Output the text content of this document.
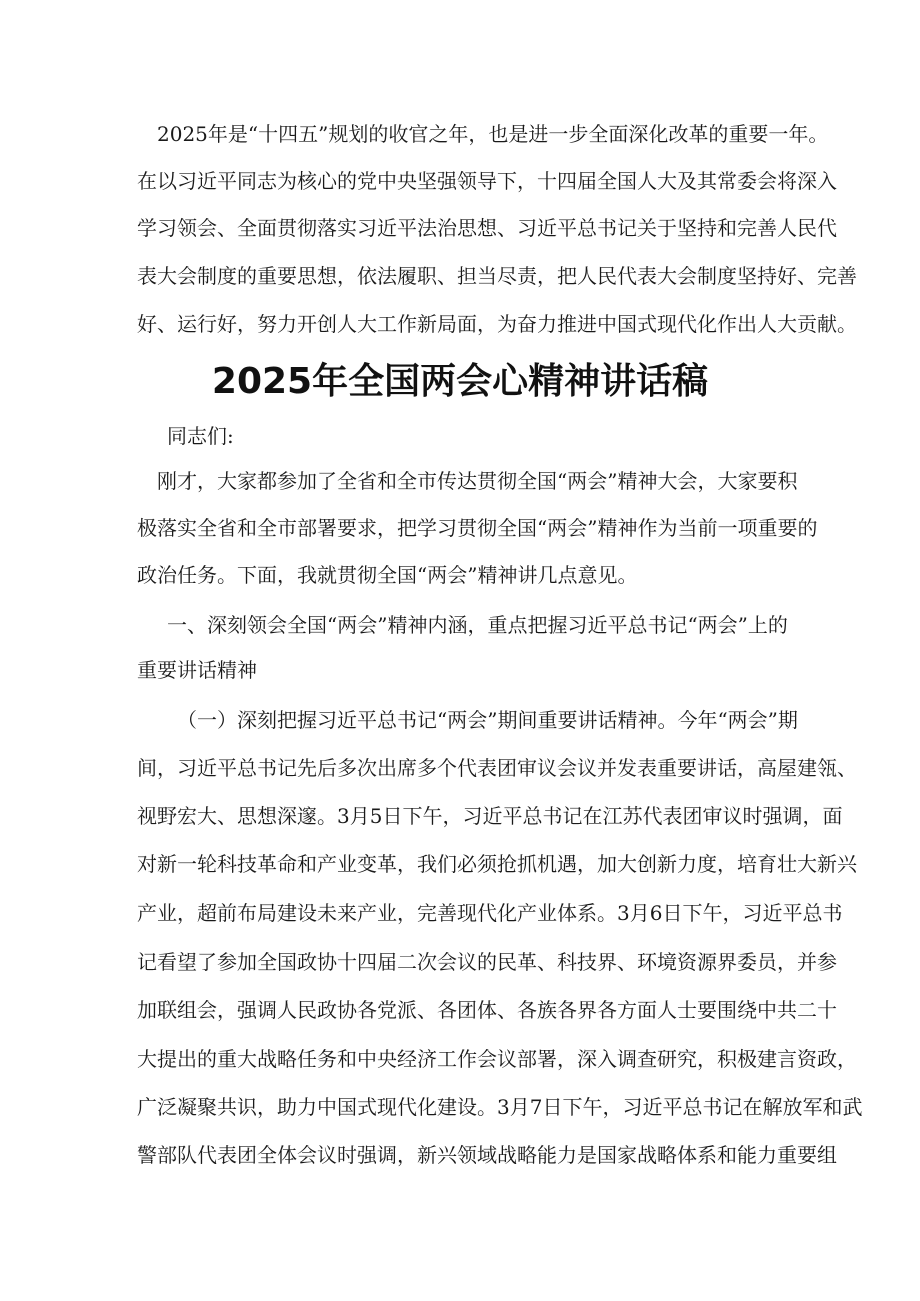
2025年是“十四五”规划的收官之年，也是进一步全面深化改革的重要一年。
在以习近平同志为核心的党中央坚强领导下，十四届全国人大及其常委会将深入
学习领会、全面贯彻落实习近平法治思想、习近平总书记关于坚持和完善人民代
表大会制度的重要思想，依法履职、担当尽责，把人民代表大会制度坚持好、完善
好、运行好，努力开创人大工作新局面，为奋力推进中国式现代化作出人大贡献。
2025年全国两会心精神讲话稿
同志们:
刚才，大家都参加了全省和全市传达贯彻全国“两会”精神大会，大家要积
极落实全省和全市部署要求，把学习贯彻全国“两会”精神作为当前一项重要的
政治任务。下面，我就贯彻全国“两会”精神讲几点意见。
一、深刻领会全国“两会”精神内涵，重点把握习近平总书记“两会”上的
重要讲话精神
（一）深刻把握习近平总书记“两会”期间重要讲话精神。今年“两会”期
间，习近平总书记先后多次出席多个代表团审议会议并发表重要讲话，高屋建瓴、
视野宏大、思想深邃。3月5日下午，习近平总书记在江苏代表团审议时强调，面
对新一轮科技革命和产业变革，我们必须抢抓机遇，加大创新力度，培育壮大新兴
产业，超前布局建设未来产业，完善现代化产业体系。3月6日下午，习近平总书
记看望了参加全国政协十四届二次会议的民革、科技界、环境资源界委员，并参
加联组会，强调人民政协各党派、各团体、各族各界各方面人士要围绕中共二十
大提出的重大战略任务和中央经济工作会议部署，深入调查研究，积极建言资政，
广泛凝聚共识，助力中国式现代化建设。3月7日下午，习近平总书记在解放军和武
警部队代表团全体会议时强调，新兴领域战略能力是国家战略体系和能力重要组
